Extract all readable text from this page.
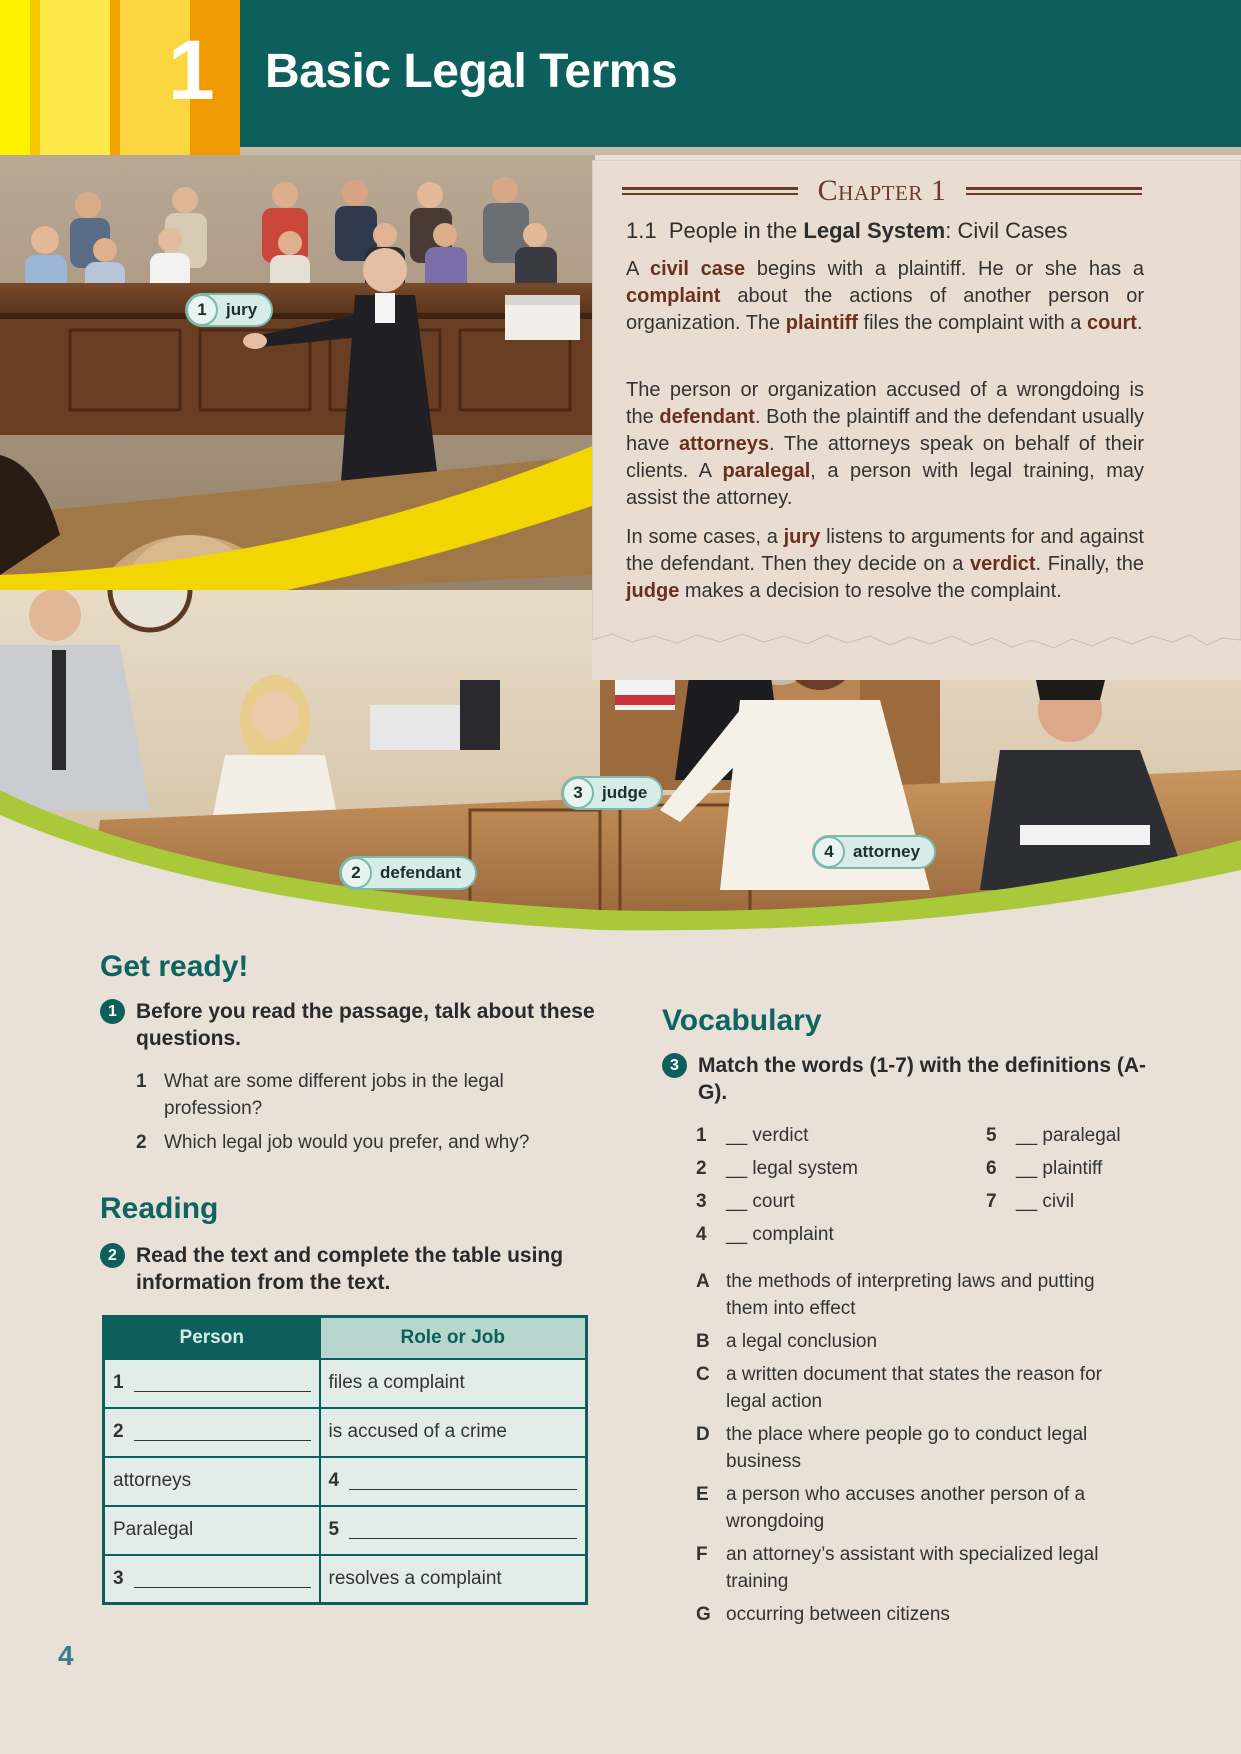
1 Basic Legal Terms
Chapter 1
1.1 People in the Legal System: Civil Cases
A civil case begins with a plaintiff. He or she has a complaint about the actions of another person or organization. The plaintiff files the complaint with a court.
The person or organization accused of a wrongdoing is the defendant. Both the plaintiff and the defendant usually have attorneys. The attorneys speak on behalf of their clients. A paralegal, a person with legal training, may assist the attorney.
In some cases, a jury listens to arguments for and against the defendant. Then they decide on a verdict. Finally, the judge makes a decision to resolve the complaint.
1	jury
2	defendant
3	judge
4	attorney
Get ready!
1 Before you read the passage, talk about these questions.
1 What are some different jobs in the legal profession?
2 Which legal job would you prefer, and why?
Reading
2 Read the text and complete the table using information from the text.
Person	Role or Job

1	files a complaint

2	is accused of a crime
attorneys	4

Paralegal	5

3	resolves a complaint
Vocabulary
3 Match the words (1-7) with the definitions (A-G).
1 __ verdict
2 __ legal system
3 __ court
4 __ complaint
5 __ paralegal
6 __ plaintiff
7 __ civil
A the methods of interpreting laws and putting them into effect
B a legal conclusion
C a written document that states the reason for legal action
D the place where people go to conduct legal business
E a person who accuses another person of a wrongdoing
F an attorney’s assistant with specialized legal training
G occurring between citizens
4
